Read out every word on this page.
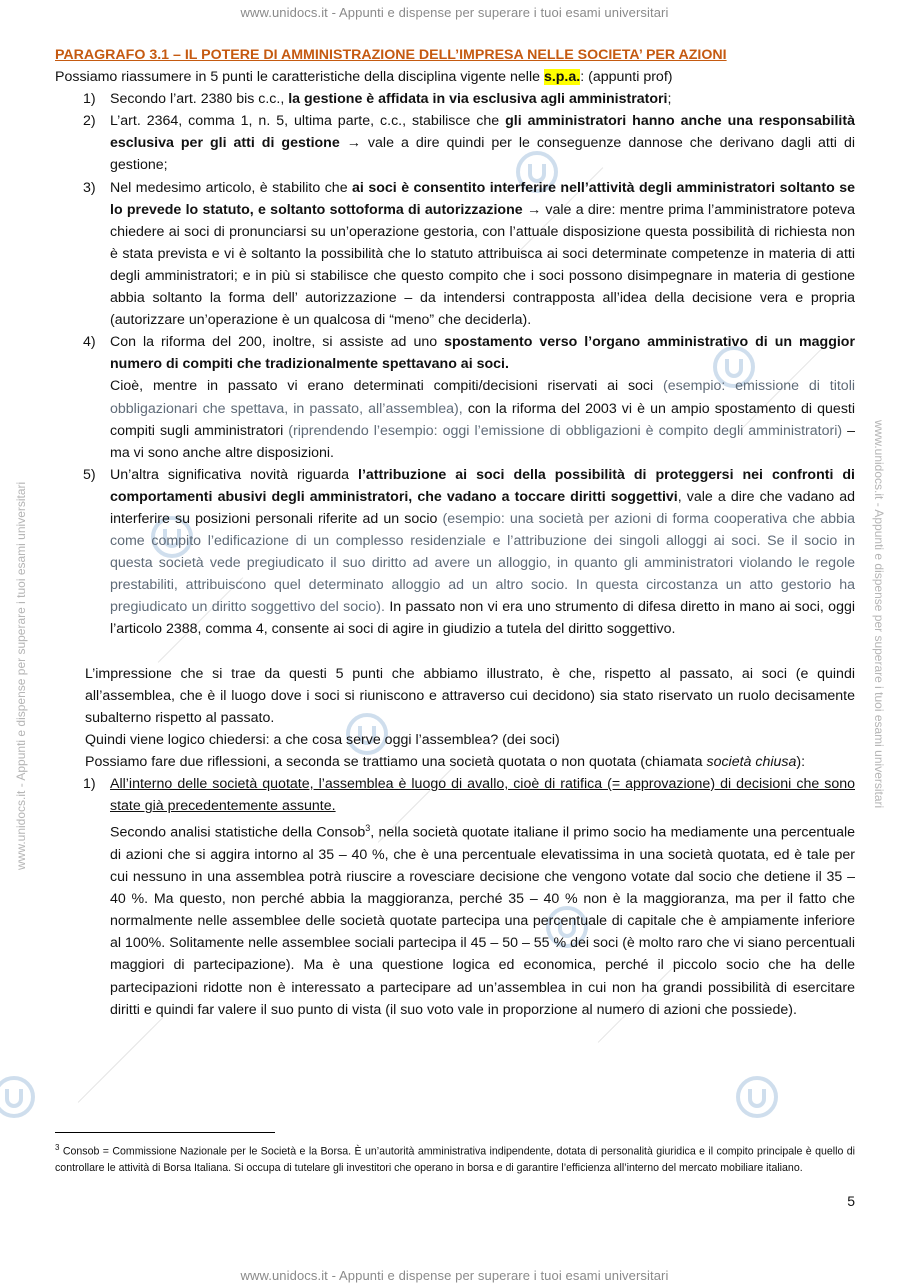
www.unidocs.it - Appunti e dispense per superare i tuoi esami universitari
www.unidocs.it - Appunti e dispense per superare i tuoi esami universitari
www.unidocs.it - Appunti e dispense per superare i tuoi esami universitari	www.unidocs.it - Appunti e dispense per superare i tuoi esami universitari

PARAGRAFO 3.1 – IL POTERE DI AMMINISTRAZIONE DELL’IMPRESA NELLE SOCIETA’ PER AZIONI

Possiamo riassumere in 5 punti le caratteristiche della disciplina vigente nelle s.p.a.: (appunti prof)

1) Secondo l’art. 2380 bis c.c., la gestione è affidata in via esclusiva agli amministratori;
2) L’art. 2364, comma 1, n. 5, ultima parte, c.c., stabilisce che gli amministratori hanno anche una responsabilità esclusiva per gli atti di gestione → vale a dire quindi per le conseguenze dannose che derivano dagli atti di gestione;
3) Nel medesimo articolo, è stabilito che ai soci è consentito interferire nell’attività degli amministratori soltanto se lo prevede lo statuto, e soltanto sottoforma di autorizzazione → vale a dire: mentre prima l’amministratore poteva chiedere ai soci di pronunciarsi su un’operazione gestoria, con l’attuale disposizione questa possibilità di richiesta non è stata prevista e vi è soltanto la possibilità che lo statuto attribuisca ai soci determinate competenze in materia di atti degli amministratori; e in più si stabilisce che questo compito che i soci possono disimpegnare in materia di gestione abbia soltanto la forma dell’ autorizzazione – da intendersi contrapposta all’idea della decisione vera e propria (autorizzare un’operazione è un qualcosa di “meno” che deciderla).
4) Con la riforma del 200, inoltre, si assiste ad uno spostamento verso l’organo amministrativo di un maggior numero di compiti che tradizionalmente spettavano ai soci.
Cioè, mentre in passato vi erano determinati compiti/decisioni riservati ai soci (esempio: emissione di titoli obbligazionari che spettava, in passato, all’assemblea), con la riforma del 2003 vi è un ampio spostamento di questi compiti sugli amministratori (riprendendo l’esempio: oggi l’emissione di obbligazioni è compito degli amministratori) – ma vi sono anche altre disposizioni.
5) Un’altra significativa novità riguarda l’attribuzione ai soci della possibilità di proteggersi nei confronti di comportamenti abusivi degli amministratori, che vadano a toccare diritti soggettivi, vale a dire che vadano ad interferire su posizioni personali riferite ad un socio (esempio: una società per azioni di forma cooperativa che abbia come compito l’edificazione di un complesso residenziale e l’attribuzione dei singoli alloggi ai soci. Se il socio in questa società vede pregiudicato il suo diritto ad avere un alloggio, in quanto gli amministratori violando le regole prestabiliti, attribuiscono quel determinato alloggio ad un altro socio. In questa circostanza un atto gestorio ha pregiudicato un diritto soggettivo del socio). In passato non vi era uno strumento di difesa diretto in mano ai soci, oggi l’articolo 2388, comma 4, consente ai soci di agire in giudizio a tutela del diritto soggettivo.

L’impressione che si trae da questi 5 punti che abbiamo illustrato, è che, rispetto al passato, ai soci (e quindi all’assemblea, che è il luogo dove i soci si riuniscono e attraverso cui decidono) sia stato riservato un ruolo decisamente subalterno rispetto al passato.

Quindi viene logico chiedersi: a che cosa serve oggi l’assemblea? (dei soci)

Possiamo fare due riflessioni, a seconda se trattiamo una società quotata o non quotata (chiamata società chiusa):

1) All’interno delle società quotate, l’assemblea è luogo di avallo, cioè di ratifica (= approvazione) di decisioni che sono state già precedentemente assunte.
Secondo analisi statistiche della Consob$^3$, nella società quotate italiane il primo socio ha mediamente una percentuale di azioni che si aggira intorno al 35 – 40 %, che è una percentuale elevatissima in una società quotata, ed è tale per cui nessuno in una assemblea potrà riuscire a rovesciare decisione che vengono votate dal socio che detiene il 35 – 40 %. Ma questo, non perché abbia la maggioranza, perché 35 – 40 % non è la maggioranza, ma per il fatto che normalmente nelle assemblee delle società quotate partecipa una percentuale di capitale che è ampiamente inferiore al 100%. Solitamente nelle assemblee sociali partecipa il 45 – 50 – 55 % dei soci (è molto raro che vi siano percentuali maggiori di partecipazione). Ma è una questione logica ed economica, perché il piccolo socio che ha delle partecipazioni ridotte non è interessato a partecipare ad un’assemblea in cui non ha grandi possibilità di esercitare diritti e quindi far valere il suo punto di vista (il suo voto vale in proporzione al numero di azioni che possiede).
$^3$ Consob = Commissione Nazionale per le Società e la Borsa. È un’autorità amministrativa indipendente, dotata di personalità giuridica e il compito principale è quello di controllare le attività di Borsa Italiana. Si occupa di tutelare gli investitori che operano in borsa e di garantire l’efficienza all’interno del mercato mobiliare italiano.
5
